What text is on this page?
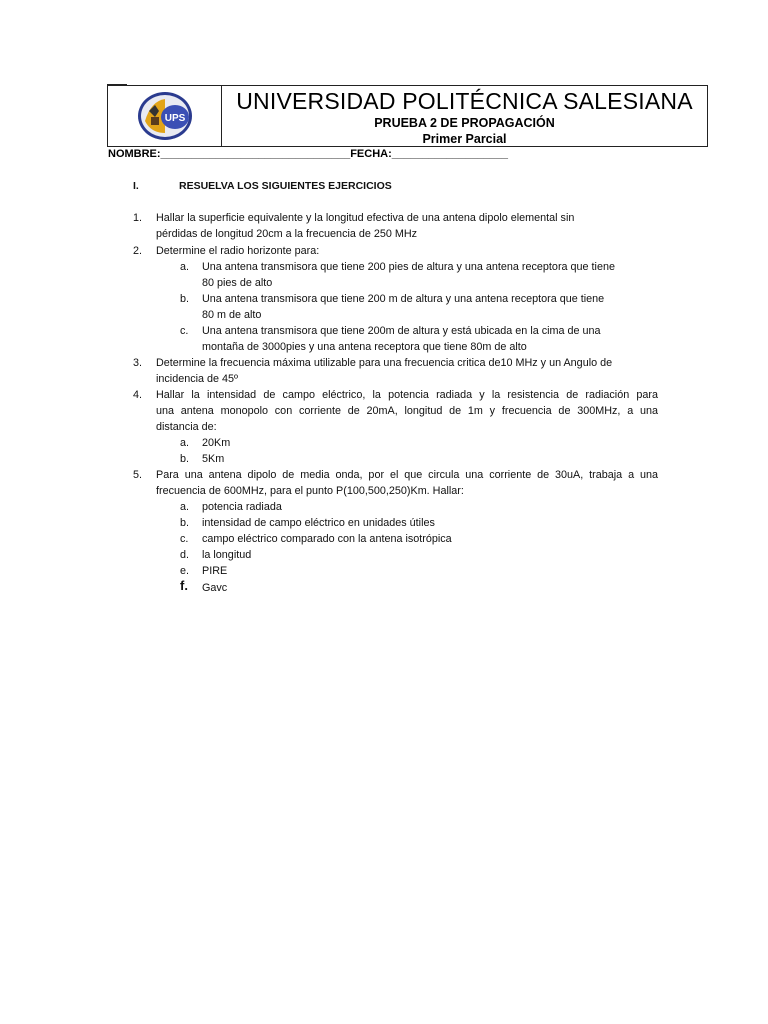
UPS
UNIVERSIDAD POLITÉCNICA SALESIANA
PRUEBA 2 DE PROPAGACIÓN
Primer Parcial
NOMBRE:_______________________________FECHA:___________________
I.	RESUELVA LOS SIGUIENTES EJERCICIOS
1. Hallar la superficie equivalente y la longitud efectiva de una antena dipolo elemental sin
pérdidas de longitud 20cm a la frecuencia de 250 MHz
2. Determine el radio horizonte para:
a. Una antena transmisora que tiene 200 pies de altura y una antena receptora que tiene
80 pies de alto
b. Una antena transmisora que tiene 200 m de altura y una antena receptora que tiene
80 m de alto
c. Una antena transmisora que tiene 200m de altura y está ubicada en la cima de una
montaña de 3000pies y una antena receptora que tiene 80m de alto
3. Determine la frecuencia máxima utilizable para una frecuencia critica de10 MHz y un Angulo de
incidencia de 45º
4. Hallar la intensidad de campo eléctrico, la potencia radiada y la resistencia de radiación para
una antena monopolo con corriente de 20mA, longitud de 1m y frecuencia de 300MHz, a una
distancia de:
a. 20Km
b. 5Km
5. Para una antena dipolo de media onda, por el que circula una corriente de 30uA, trabaja a una
frecuencia de 600MHz, para el punto P(100,500,250)Km. Hallar:
a. potencia radiada
b. intensidad de campo eléctrico en unidades útiles
c. campo eléctrico comparado con la antena isotrópica
d. la longitud
e. PIRE
f. Gavc
